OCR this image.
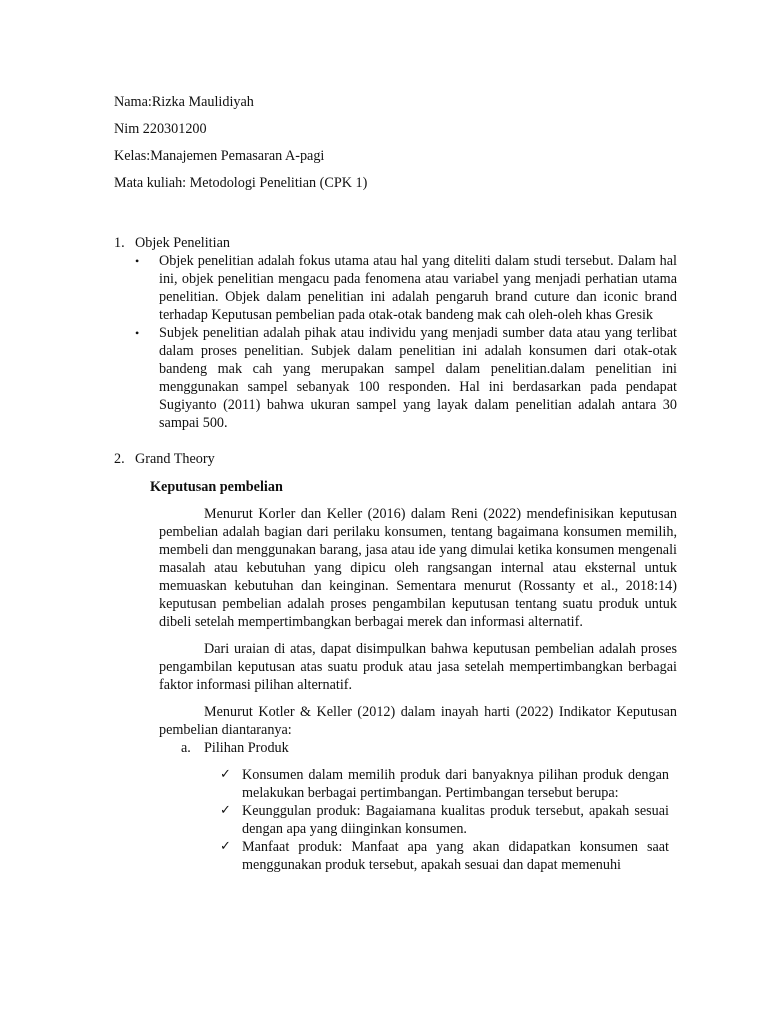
Nama:Rizka Maulidiyah

Nim 220301200

Kelas:Manajemen Pemasaran A-pagi

Mata kuliah: Metodologi Penelitian (CPK 1)

1. Objek Penelitian
• Objek penelitian adalah fokus utama atau hal yang diteliti dalam studi tersebut. Dalam hal ini, objek penelitian mengacu pada fenomena atau variabel yang menjadi perhatian utama penelitian. Objek dalam penelitian ini adalah pengaruh brand cuture dan iconic brand terhadap Keputusan pembelian pada otak-otak bandeng mak cah oleh-oleh khas Gresik
• Subjek penelitian adalah pihak atau individu yang menjadi sumber data atau yang terlibat dalam proses penelitian. Subjek dalam penelitian ini adalah konsumen dari otak-otak bandeng mak cah yang merupakan sampel dalam penelitian.dalam penelitian ini menggunakan sampel sebanyak 100 responden. Hal ini berdasarkan pada pendapat Sugiyanto (2011) bahwa ukuran sampel yang layak dalam penelitian adalah antara 30 sampai 500.
2. Grand Theory
Keputusan pembelian

Menurut Korler dan Keller (2016) dalam Reni (2022) mendefinisikan keputusan pembelian adalah bagian dari perilaku konsumen, tentang bagaimana konsumen memilih, membeli dan menggunakan barang, jasa atau ide yang dimulai ketika konsumen mengenali masalah atau kebutuhan yang dipicu oleh rangsangan internal atau eksternal untuk memuaskan kebutuhan dan keinginan. Sementara menurut (Rossanty et al., 2018:14) keputusan pembelian adalah proses pengambilan keputusan tentang suatu produk untuk dibeli setelah mempertimbangkan berbagai merek dan informasi alternatif.

Dari uraian di atas, dapat disimpulkan bahwa keputusan pembelian adalah proses pengambilan keputusan atas suatu produk atau jasa setelah mempertimbangkan berbagai faktor informasi pilihan alternatif.

Menurut Kotler & Keller (2012) dalam inayah harti (2022) Indikator Keputusan pembelian diantaranya:

a. Pilihan Produk
✓ Konsumen dalam memilih produk dari banyaknya pilihan produk dengan melakukan berbagai pertimbangan. Pertimbangan tersebut berupa:
✓ Keunggulan produk: Bagaiamana kualitas produk tersebut, apakah sesuai dengan apa yang diinginkan konsumen.
✓ Manfaat produk: Manfaat apa yang akan didapatkan konsumen saat menggunakan produk tersebut, apakah sesuai dan dapat memenuhi
